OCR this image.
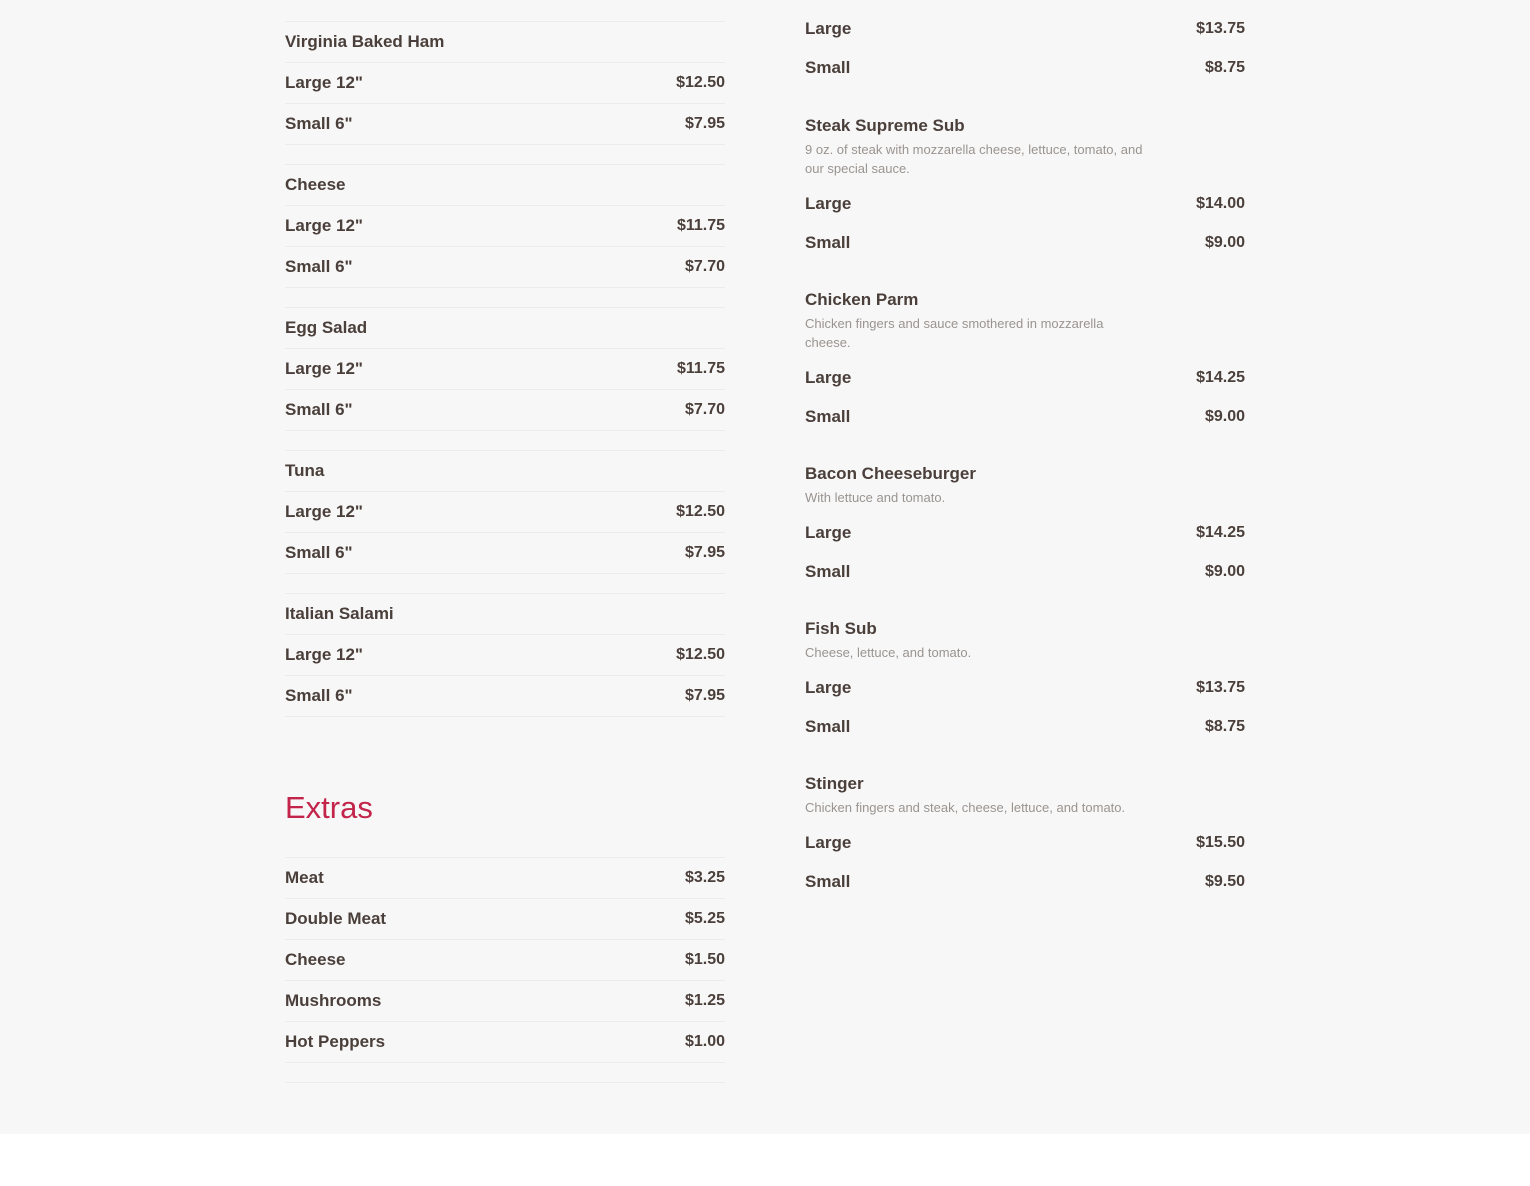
Virginia Baked Ham
Large 12"	$12.50
Small 6"	$7.95
Cheese
Large 12"	$11.75
Small 6"	$7.70
Egg Salad
Large 12"	$11.75
Small 6"	$7.70
Tuna
Large 12"	$12.50
Small 6"	$7.95
Italian Salami
Large 12"	$12.50
Small 6"	$7.95
Extras
Meat	$3.25
Double Meat	$5.25
Cheese	$1.50
Mushrooms	$1.25
Hot Peppers	$1.00
Large	$13.75
Small	$8.75
Steak Supreme Sub
9 oz. of steak with mozzarella cheese, lettuce, tomato, and our special sauce.
Large	$14.00
Small	$9.00
Chicken Parm
Chicken fingers and sauce smothered in mozzarella cheese.
Large	$14.25
Small	$9.00
Bacon Cheeseburger
With lettuce and tomato.
Large	$14.25
Small	$9.00
Fish Sub
Cheese, lettuce, and tomato.
Large	$13.75
Small	$8.75
Stinger
Chicken fingers and steak, cheese, lettuce, and tomato.
Large	$15.50
Small	$9.50
